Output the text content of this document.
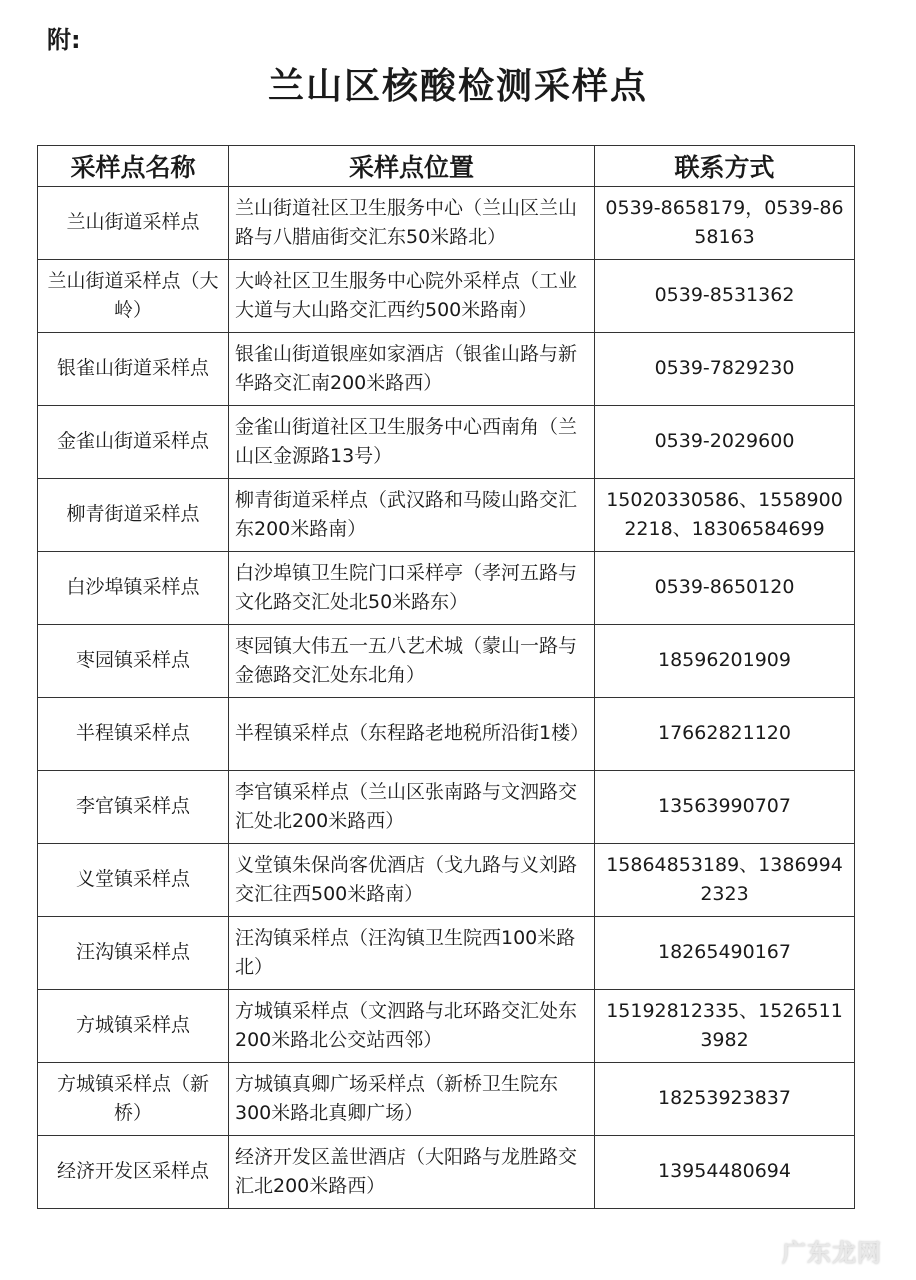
附:
兰山区核酸检测采样点
采样点名称	采样点位置	联系方式
兰山街道采样点	兰山街道社区卫生服务中心（兰山区兰山路与八腊庙街交汇东50米路北）	0539-8658179，0539-8658163
兰山街道采样点（大岭）	大岭社区卫生服务中心院外采样点（工业大道与大山路交汇西约500米路南）	0539-8531362
银雀山街道采样点	银雀山街道银座如家酒店（银雀山路与新华路交汇南200米路西）	0539-7829230
金雀山街道采样点	金雀山街道社区卫生服务中心西南角（兰山区金源路13号）	0539-2029600
柳青街道采样点	柳青街道采样点（武汉路和马陵山路交汇东200米路南）	15020330586、15589002218、18306584699
白沙埠镇采样点	白沙埠镇卫生院门口采样亭（孝河五路与文化路交汇处北50米路东）	0539-8650120
枣园镇采样点	枣园镇大伟五一五八艺术城（蒙山一路与金德路交汇处东北角）	18596201909
半程镇采样点	半程镇采样点（东程路老地税所沿街1楼）	17662821120
李官镇采样点	李官镇采样点（兰山区张南路与文泗路交汇处北200米路西）	13563990707
义堂镇采样点	义堂镇朱保尚客优酒店（戈九路与义刘路交汇往西500米路南）	15864853189、13869942323
汪沟镇采样点	汪沟镇采样点（汪沟镇卫生院西100米路北）	18265490167
方城镇采样点	方城镇采样点（文泗路与北环路交汇处东200米路北公交站西邻）	15192812335、15265113982
方城镇采样点（新桥）	方城镇真卿广场采样点（新桥卫生院东300米路北真卿广场）	18253923837
经济开发区采样点	经济开发区盖世酒店（大阳路与龙胜路交汇北200米路西）	13954480694
广东龙网
